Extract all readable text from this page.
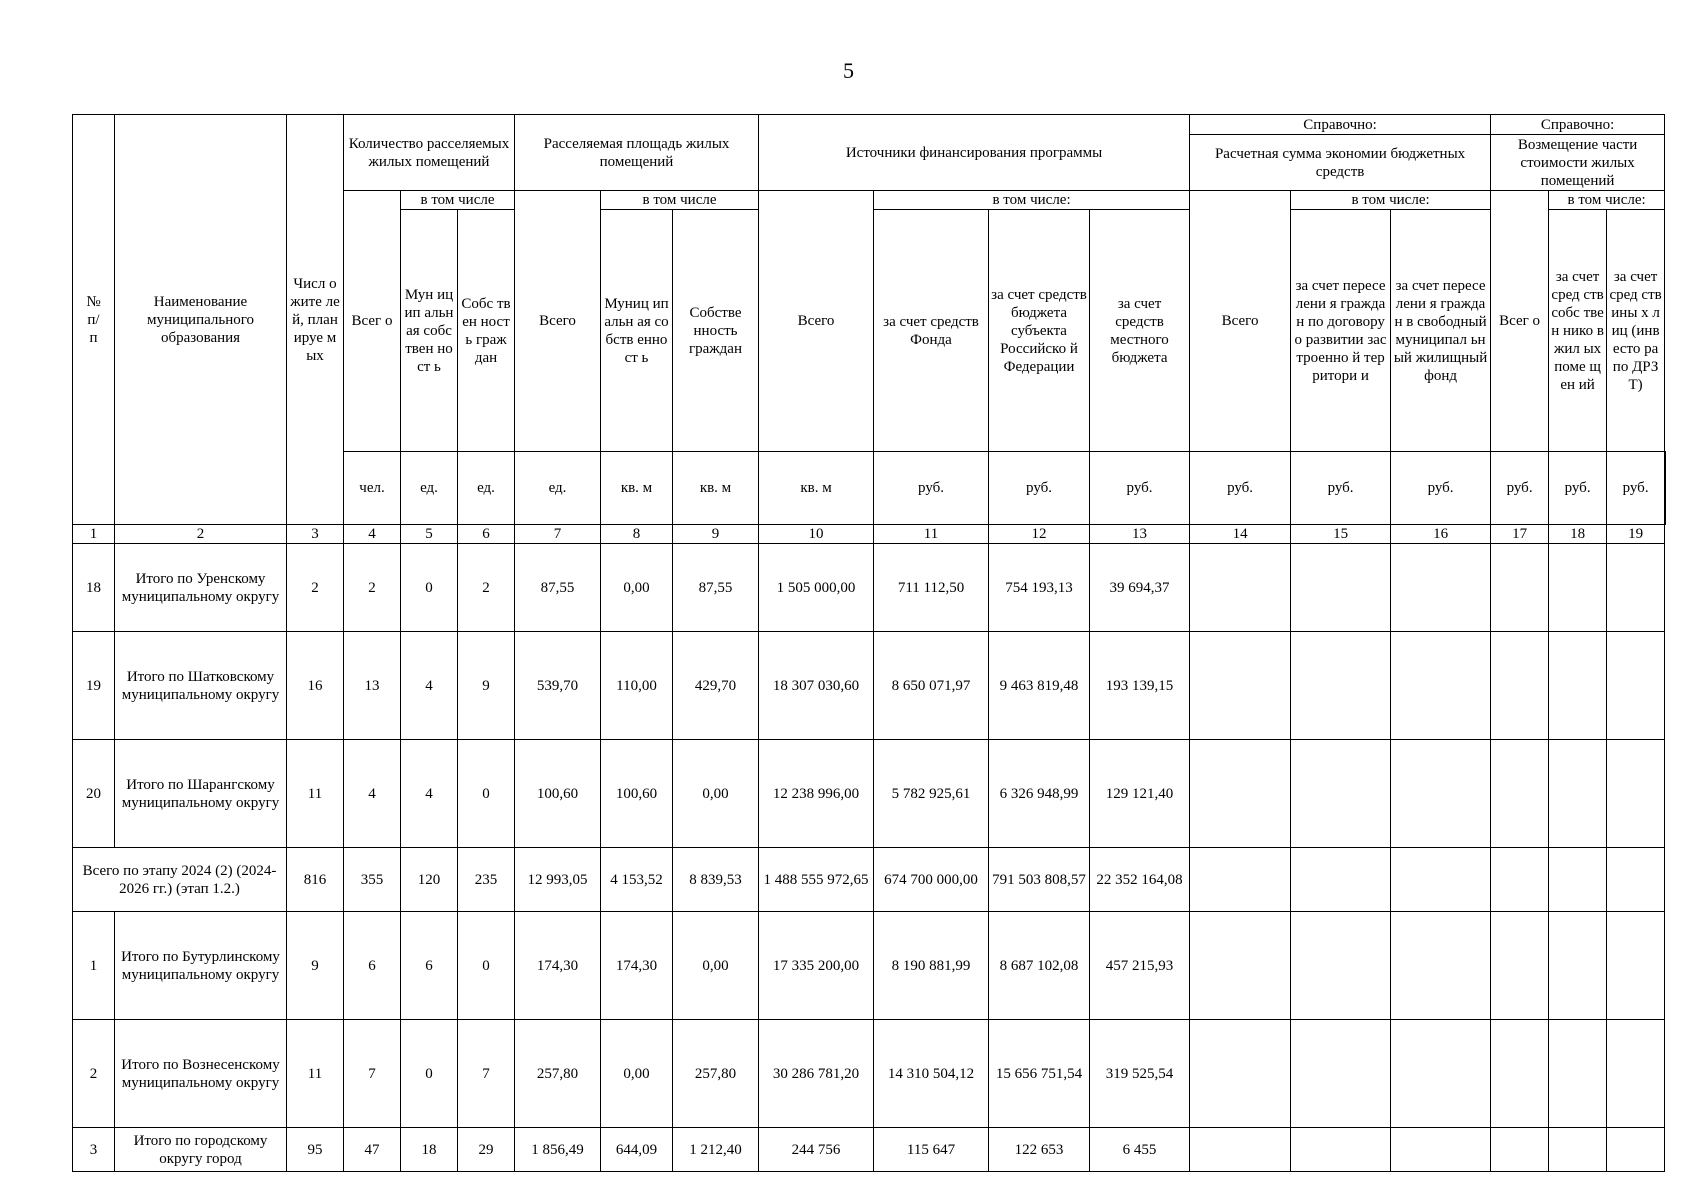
5
№
п/
п	Наименование муниципального образования	Числ о жите лей, план ируе мых	Количество расселяемых жилых помещений			Расселяемая площадь жилых помещений			Источники финансирования программы				Справочно:			Справочно:			
													Расчетная сумма экономии бюджетных средств			Возмещение части стоимости жилых помещений			
			Всег о	в том числе		Всего	в том числе		Всего	в том числе:			Всего	в том числе:		Всег о	в том числе:		
				Мун ицип альн ая собс твен ност ь	Собс твен ност ь граж дан		Муниц ипальн ая собств енност ь	Собстве нность граждан		за счет средств Фонда	за счет средств бюджета субъекта Российско й Федерации	за счет средств местного бюджета		за счет переселени я граждан по договору о развитии застроенно й территори и	за счет переселени я граждан в свободный муниципал ьный жилищный фонд		за счет сред ств собс твен нико в жил ых поме щен ий	за счет сред ств ины х лиц (инв есто ра по ДРЗ Т)	
			чел.	ед.	ед.	ед.	кв. м	кв. м	кв. м	руб.	руб.	руб.	руб.	руб.	руб.	руб.	руб.	руб.	
1	2	3	4	5	6	7	8	9	10	11	12	13	14	15	16	17	18	19	
18	Итого по Уренскому муниципальному округу	2	2	0	2	87,55	0,00	87,55	1 505 000,00	711 112,50	754 193,13	39 694,37							
19	Итого по Шатковскому муниципальному округу	16	13	4	9	539,70	110,00	429,70	18 307 030,60	8 650 071,97	9 463 819,48	193 139,15							
20	Итого по Шарангскому муниципальному округу	11	4	4	0	100,60	100,60	0,00	12 238 996,00	5 782 925,61	6 326 948,99	129 121,40							
Всего по этапу 2024 (2) (2024-2026 гг.) (этап 1.2.)		816	355	120	235	12 993,05	4 153,52	8 839,53	1 488 555 972,65	674 700 000,00	791 503 808,57	22 352 164,08							
1	Итого по Бутурлинскому муниципальному округу	9	6	6	0	174,30	174,30	0,00	17 335 200,00	8 190 881,99	8 687 102,08	457 215,93							
2	Итого по Вознесенскому муниципальному округу	11	7	0	7	257,80	0,00	257,80	30 286 781,20	14 310 504,12	15 656 751,54	319 525,54							
3	Итого по городскому округу город	95	47	18	29	1 856,49	644,09	1 212,40	244 756	115 647	122 653	6 455							
